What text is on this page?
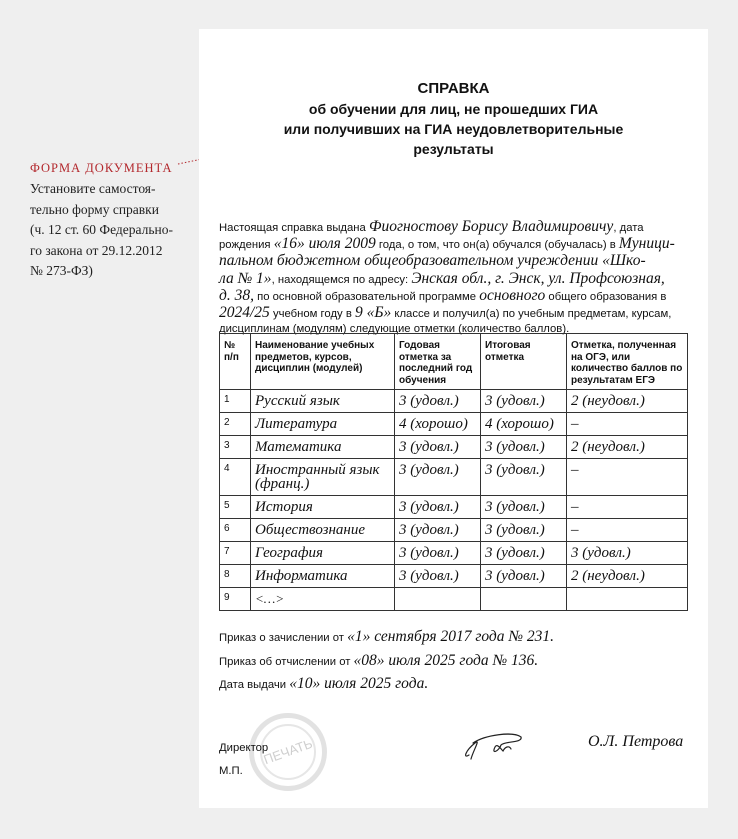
ФОРМА ДОКУМЕНТА
Установите самостоя-
тельно форму справки
(ч. 12 ст. 60 Федерально-
го закона от 29.12.2012
№ 273-ФЗ)
СПРАВКА
об обучении для лиц, не прошедших ГИА
или получивших на ГИА неудовлетворительные
результаты
Настоящая справка выдана Фиогностову Борису Владимировичу, дата рождения «16» июля 2009 года, о том, что он(а) обучался (обучалась) в Муници-
пальном бюджетном общеобразовательном учреждении «Шко-
ла № 1», находящемся по адресу: Энская обл., г. Энск, ул. Профсоюзная,
д. 38, по основной образовательной программе основного общего образования в 2024/25 учебном году в 9 «Б» классе и получил(а) по учебным предметам, курсам, дисциплинам (модулям) следующие отметки (количество баллов).
№ п/п	Наименование учебных предметов, курсов, дисциплин (модулей)	Годовая отметка за последний год обучения	Итоговая отметка	Отметка, полученная на ОГЭ, или количество баллов по результатам ЕГЭ
1	Русский язык	3 (удовл.)	3 (удовл.)	2 (неудовл.)
2	Литература	4 (хорошо)	4 (хорошо)	–
3	Математика	3 (удовл.)	3 (удовл.)	2 (неудовл.)
4	Иностранный язык (франц.)	3 (удовл.)	3 (удовл.)	–
5	История	3 (удовл.)	3 (удовл.)	–
6	Обществознание	3 (удовл.)	3 (удовл.)	–
7	География	3 (удовл.)	3 (удовл.)	3 (удовл.)
8	Информатика	3 (удовл.)	3 (удовл.)	2 (неудовл.)
9	<…>			
Приказ о зачислении от «1» сентября 2017 года № 231.
Приказ об отчислении от «08» июля 2025 года № 136.
Дата выдачи «10» июля 2025 года.
ПЕЧАТЬ
Директор
М.П.
О.Л. Петрова
